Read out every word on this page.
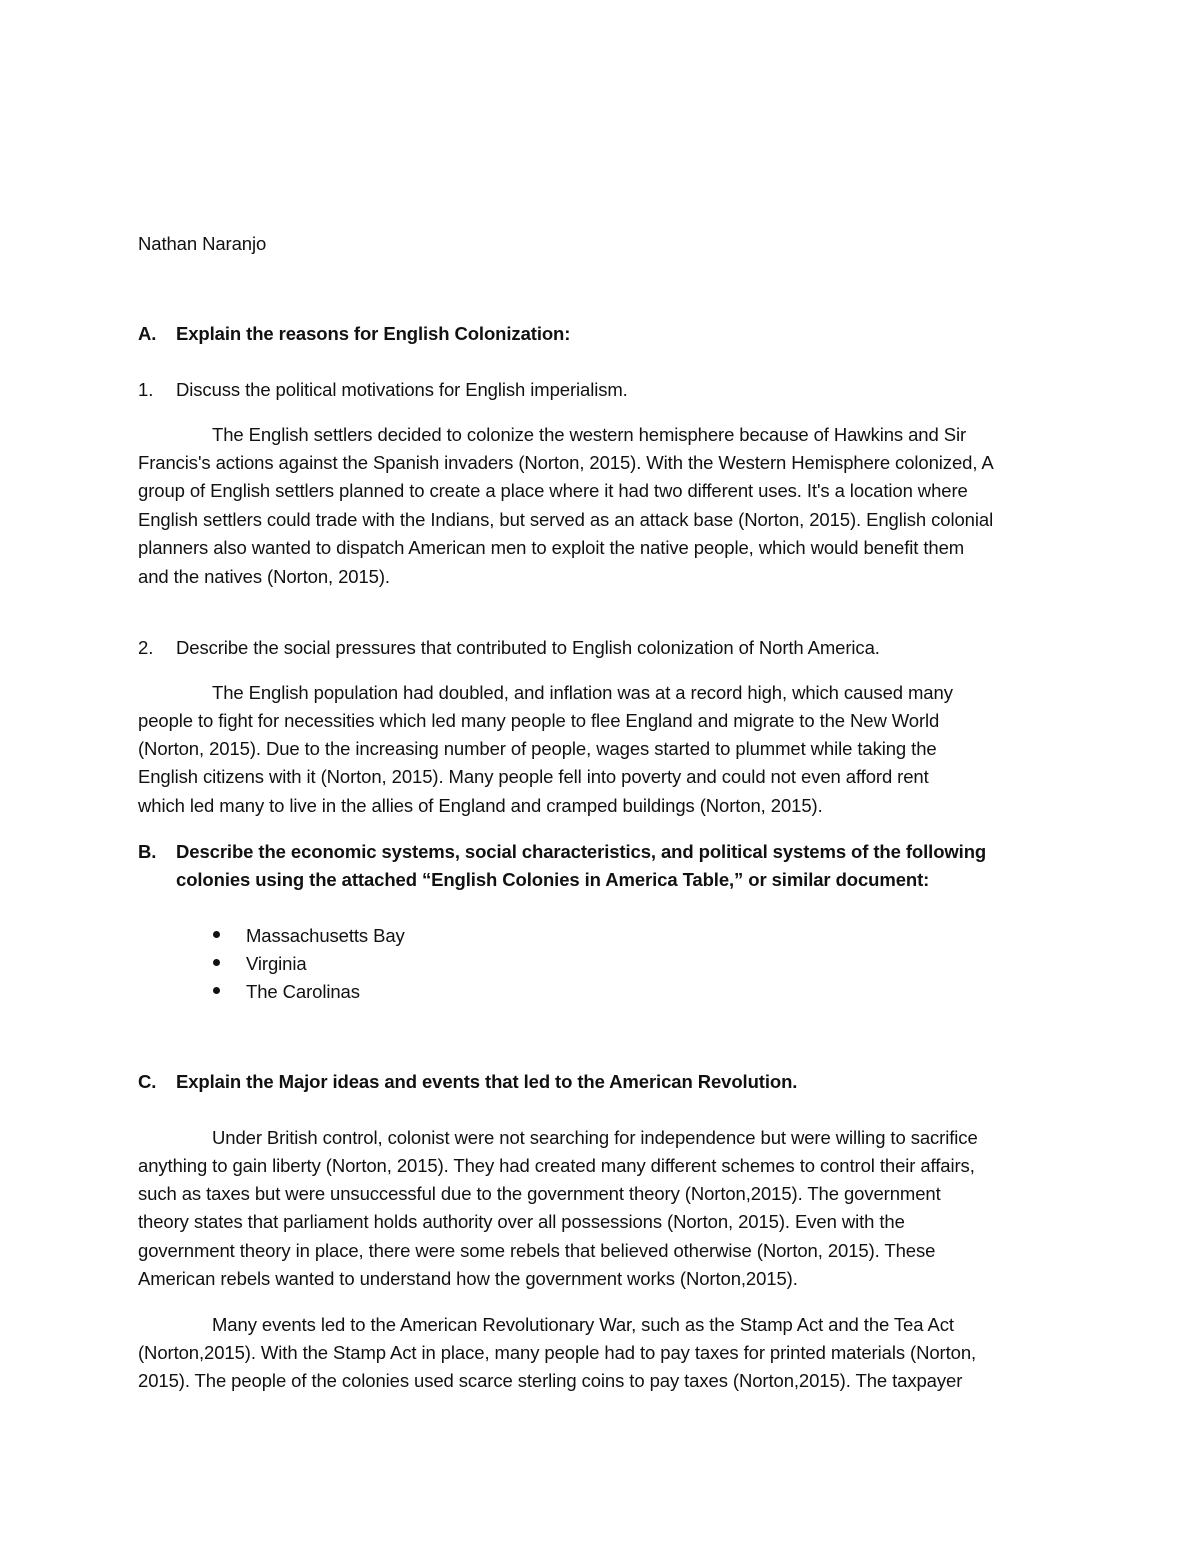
Nathan Naranjo
A. Explain the reasons for English Colonization:
1. Discuss the political motivations for English imperialism.
The English settlers decided to colonize the western hemisphere because of Hawkins and Sir
Francis's actions against the Spanish invaders (Norton, 2015). With the Western Hemisphere colonized, A
group of English settlers planned to create a place where it had two different uses. It's a location where
English settlers could trade with the Indians, but served as an attack base (Norton, 2015). English colonial
planners also wanted to dispatch American men to exploit the native people, which would benefit them
and the natives (Norton, 2015).
2. Describe the social pressures that contributed to English colonization of North America.
The English population had doubled, and inflation was at a record high, which caused many
people to fight for necessities which led many people to flee England and migrate to the New World
(Norton, 2015). Due to the increasing number of people, wages started to plummet while taking the
English citizens with it (Norton, 2015). Many people fell into poverty and could not even afford rent
which led many to live in the allies of England and cramped buildings (Norton, 2015).
B. Describe the economic systems, social characteristics, and political systems of the following
colonies using the attached “English Colonies in America Table,” or similar document:
Massachusetts Bay
Virginia
The Carolinas
C. Explain the Major ideas and events that led to the American Revolution.
Under British control, colonist were not searching for independence but were willing to sacrifice
anything to gain liberty (Norton, 2015). They had created many different schemes to control their affairs,
such as taxes but were unsuccessful due to the government theory (Norton,2015). The government
theory states that parliament holds authority over all possessions (Norton, 2015). Even with the
government theory in place, there were some rebels that believed otherwise (Norton, 2015). These
American rebels wanted to understand how the government works (Norton,2015).
Many events led to the American Revolutionary War, such as the Stamp Act and the Tea Act
(Norton,2015). With the Stamp Act in place, many people had to pay taxes for printed materials (Norton,
2015). The people of the colonies used scarce sterling coins to pay taxes (Norton,2015). The taxpayer
